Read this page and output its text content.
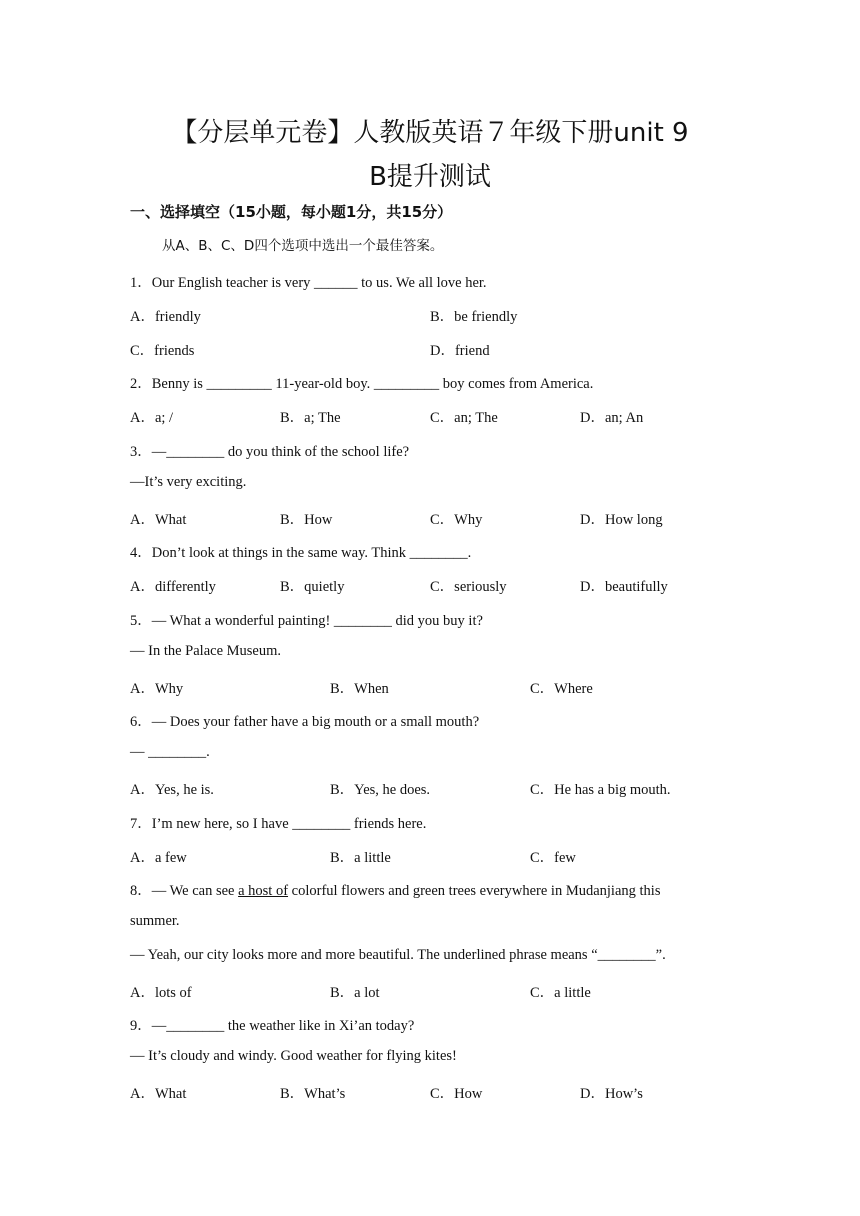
【分层单元卷】人教版英语７年级下册unit 9
B提升测试
一、选择填空（15小题，每小题1分，共15分）
从A、B、C、D四个选项中选出一个最佳答案。
1．Our English teacher is very ______ to us. We all love her.
A．friendly	B．be friendly
C．friends	D．friend
2．Benny is _________ 11-year-old boy. _________ boy comes from America.
A．a; /	B．a; The	C．an; The	D．an; An
3．—________ do you think of the school life?
—It’s very exciting.
A．What	B．How	C．Why	D．How long
4．Don’t look at things in the same way. Think ________.
A．differently	B．quietly	C．seriously	D．beautifully
5．— What a wonderful painting! ________ did you buy it?
— In the Palace Museum.
A．Why	B．When	C．Where
6．— Does your father have a big mouth or a small mouth?
— ________.
A．Yes, he is.	B．Yes, he does.	C．He has a big mouth.
7．I’m new here, so I have ________ friends here.
A．a few	B．a little	C．few
8．— We can see a host of colorful flowers and green trees everywhere in Mudanjiang this
summer.
— Yeah, our city looks more and more beautiful. The underlined phrase means “________”.
A．lots of	B．a lot	C．a little
9．—________ the weather like in Xi’an today?
— It’s cloudy and windy. Good weather for flying kites!
A．What	B．What’s	C．How	D．How’s
